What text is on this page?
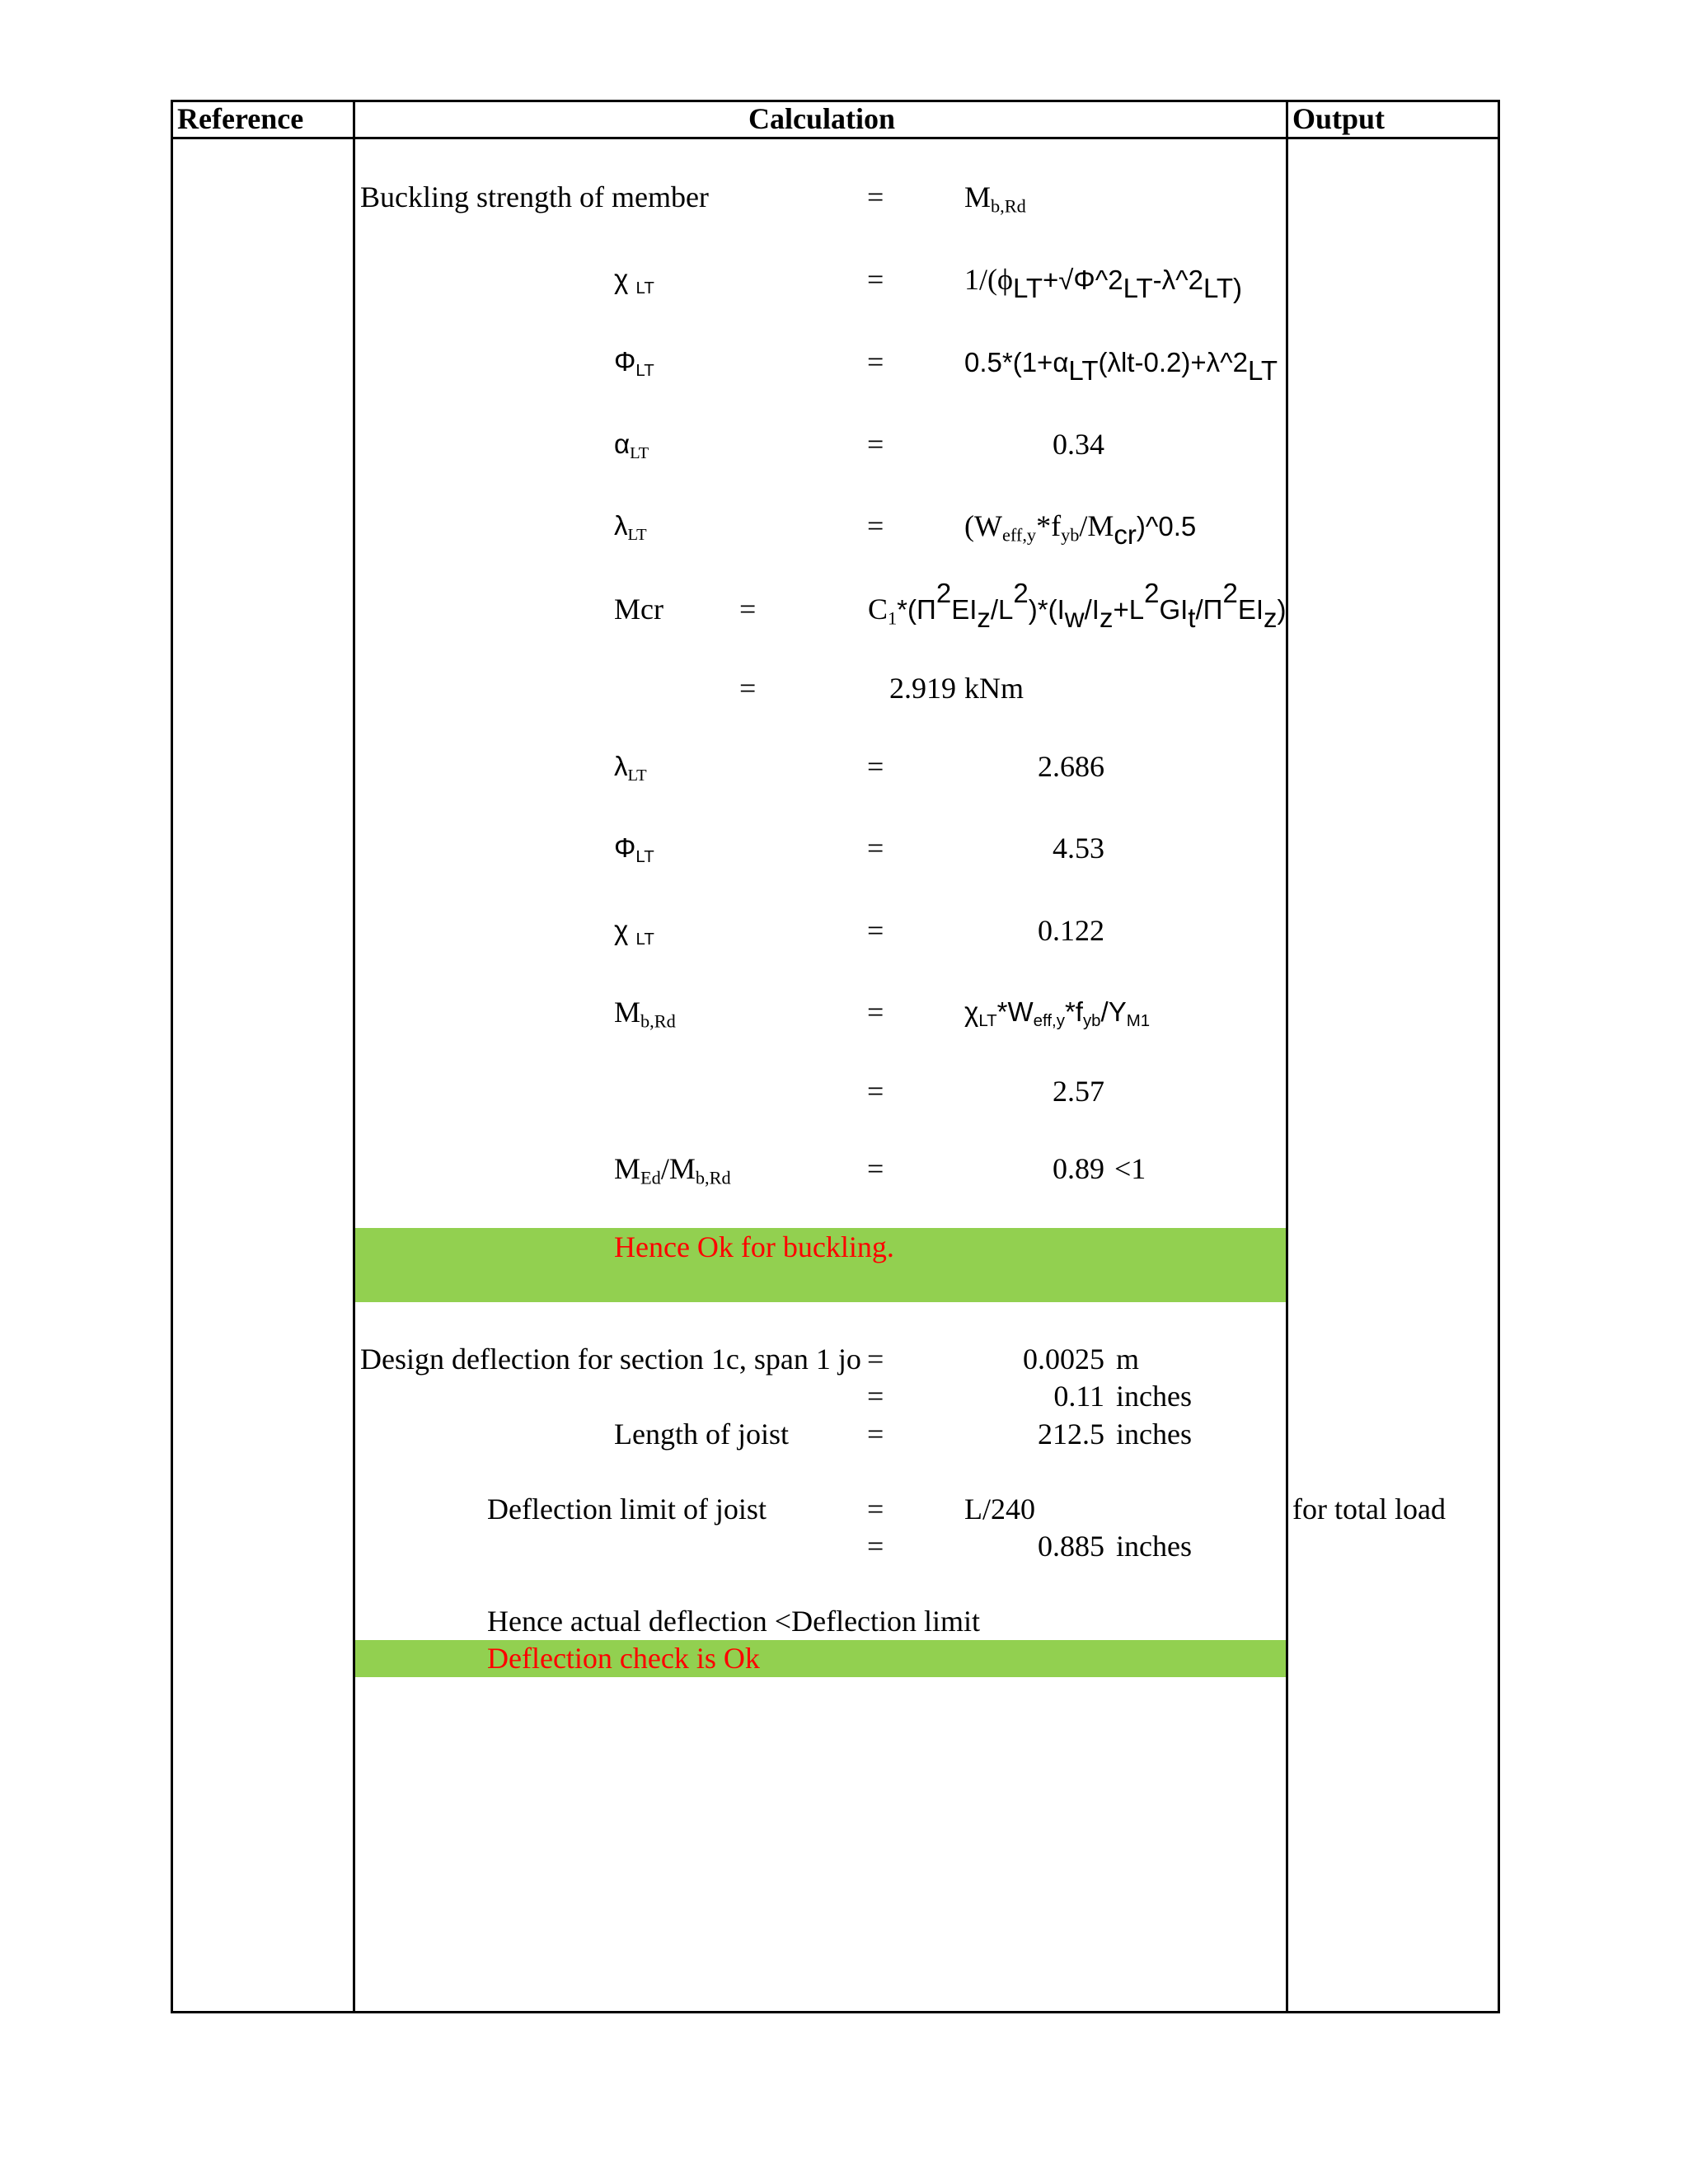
Reference	Calculation	Output
Buckling strength of member	=	$M_{b,Rd}$
χ $_{LT}$	=	$1/(\phi_{LT}+√\Phi\^{}2_{LT}-\lambda\^{}2_{LT)}$
$\Phi_{LT}$	=	$0.5*(1+\alpha_{LT}(\lambda lt-0.2)+\lambda\^{}2_{LT}$
$\alpha_{LT}$	=	0.34
$\lambda_{LT}$	=	$(W_{eff,y}*f_{yb}/M_{cr})\^{}0.5$
Mcr	=	$C_1*(\Pi^2EI_z/L^2)*(I_w/I_z+L^2GI_t/\Pi^2EI_z)$
=	2.919 kNm
$\lambda_{LT}$	=	2.686
$\Phi_{LT}$	=	4.53
χ $_{LT}$	=	0.122
$M_{b,Rd}$	=	$\chi_{LT}*W_{eff,y}*f_{yb}/Y_{M1}$
=	2.57
$M_{Ed}/M_{b,Rd}$	=	0.89 <1
Hence Ok for buckling.
Design deflection for section 1c, span 1 jo =	0.0025 m
=	0.11 inches
Length of joist	=	212.5 inches
Deflection limit of joist	=	L/240	for total load
=	0.885 inches
Hence actual deflection <Deflection limit
Deflection check is Ok
